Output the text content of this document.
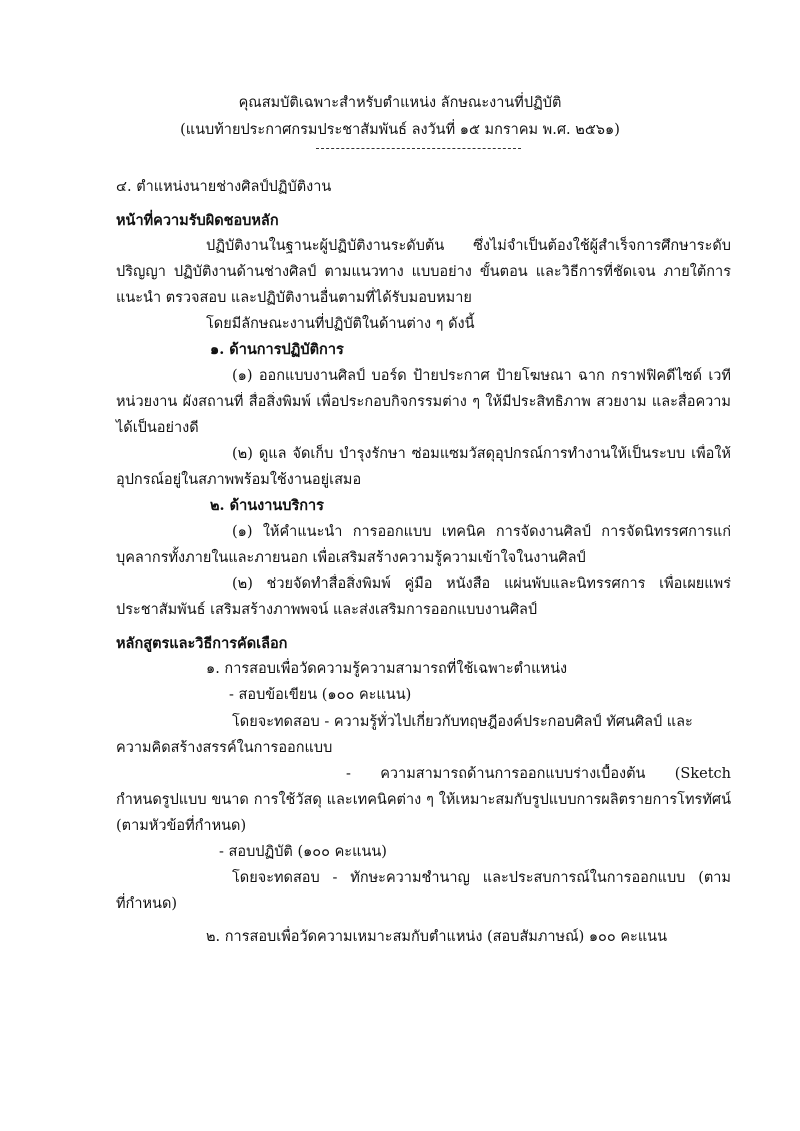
คุณสมบัติเฉพาะสำหรับตำแหน่ง ลักษณะงานที่ปฏิบัติ
(แนบท้ายประกาศกรมประชาสัมพันธ์ ลงวันที่ ๑๕ มกราคม พ.ศ. ๒๕๖๑)
๔. ตำแหน่งนายช่างศิลป์ปฏิบัติงาน
หน้าที่ความรับผิดชอบหลัก
ปฏิบัติงานในฐานะผู้ปฏิบัติงานระดับต้น ซึ่งไม่จำเป็นต้องใช้ผู้สำเร็จการศึกษาระดับ
ปริญญา ปฏิบัติงานด้านช่างศิลป์ ตามแนวทาง แบบอย่าง ขั้นตอน และวิธีการที่ชัดเจน ภายใต้การ
แนะนำ ตรวจสอบ และปฏิบัติงานอื่นตามที่ได้รับมอบหมาย
โดยมีลักษณะงานที่ปฏิบัติในด้านต่าง ๆ ดังนี้
๑. ด้านการปฏิบัติการ
(๑) ออกแบบงานศิลป์ บอร์ด ป้ายประกาศ ป้ายโฆษณา ฉาก กราฟฟิคดีไซด์ เวที
หน่วยงาน ผังสถานที่ สื่อสิ่งพิมพ์ เพื่อประกอบกิจกรรมต่าง ๆ ให้มีประสิทธิภาพ สวยงาม และสื่อความ
ได้เป็นอย่างดี
(๒) ดูแล จัดเก็บ บำรุงรักษา ซ่อมแซมวัสดุอุปกรณ์การทำงานให้เป็นระบบ เพื่อให้
อุปกรณ์อยู่ในสภาพพร้อมใช้งานอยู่เสมอ
๒. ด้านงานบริการ
(๑) ให้คำแนะนำ การออกแบบ เทคนิค การจัดงานศิลป์ การจัดนิทรรศการแก่
บุคลากรทั้งภายในและภายนอก เพื่อเสริมสร้างความรู้ความเข้าใจในงานศิลป์
(๒) ช่วยจัดทำสื่อสิ่งพิมพ์ คู่มือ หนังสือ แผ่นพับและนิทรรศการ เพื่อเผยแพร่
ประชาสัมพันธ์ เสริมสร้างภาพพจน์ และส่งเสริมการออกแบบงานศิลป์
หลักสูตรและวิธีการคัดเลือก
๑. การสอบเพื่อวัดความรู้ความสามารถที่ใช้เฉพาะตำแหน่ง
- สอบข้อเขียน (๑๐๐ คะแนน)
โดยจะทดสอบ - ความรู้ทั่วไปเกี่ยวกับทฤษฎีองค์ประกอบศิลป์ ทัศนศิลป์ และ
ความคิดสร้างสรรค์ในการออกแบบ
- ความสามารถด้านการออกแบบร่างเบื้องต้น (Sketch
กำหนดรูปแบบ ขนาด การใช้วัสดุ และเทคนิคต่าง ๆ ให้เหมาะสมกับรูปแบบการผลิตรายการโทรทัศน์
(ตามหัวข้อที่กำหนด)
- สอบปฏิบัติ (๑๐๐ คะแนน)
โดยจะทดสอบ - ทักษะความชำนาญ และประสบการณ์ในการออกแบบ (ตาม
ที่กำหนด)
๒. การสอบเพื่อวัดความเหมาะสมกับตำแหน่ง (สอบสัมภาษณ์) ๑๐๐ คะแนน
